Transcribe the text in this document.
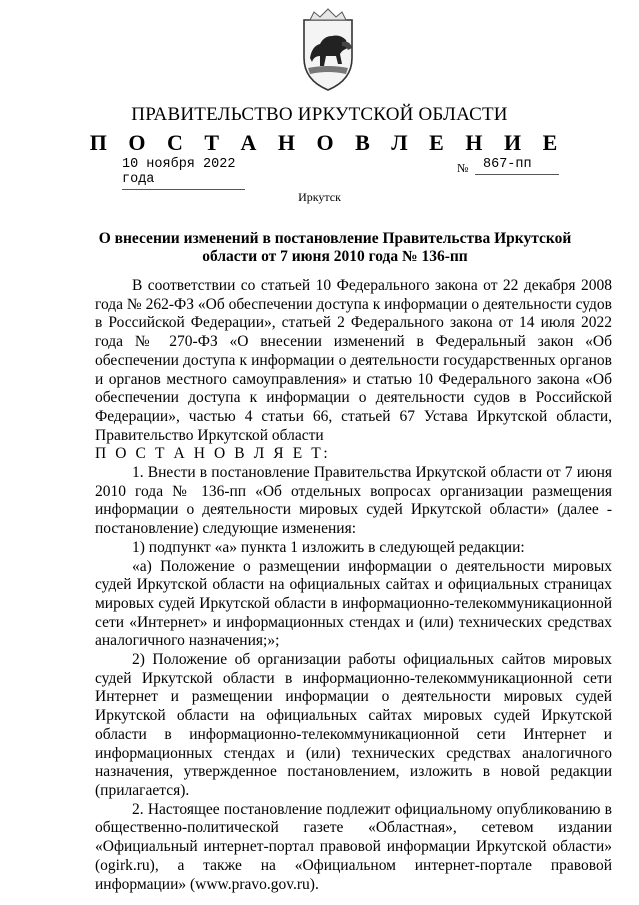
ПРАВИТЕЛЬСТВО ИРКУТСКОЙ ОБЛАСТИ
П О С Т А Н О В Л Е Н И Е
10 ноября 2022 года
№	867-пп
Иркутск
О внесении изменений в постановление Правительства Иркутской
области от 7 июня 2010 года № 136-пп

В соответствии со статьей 10 Федерального закона от 22 декабря 2008 года № 262-ФЗ «Об обеспечении доступа к информации о деятельности судов в Российской Федерации», статьей 2 Федерального закона от 14 июля 2022 года № 270-ФЗ «О внесении изменений в Федеральный закон «Об обеспечении доступа к информации о деятельности государственных органов и органов местного самоуправления» и статью 10 Федерального закона «Об обеспечении доступа к информации о деятельности судов в Российской Федерации», частью 4 статьи 66, статьей 67 Устава Иркутской области, Правительство Иркутской области

П О С Т А Н О В Л Я Е Т:

1. Внести в постановление Правительства Иркутской области от 7 июня 2010 года № 136-пп «Об отдельных вопросах организации размещения информации о деятельности мировых судей Иркутской области» (далее - постановление) следующие изменения:

1) подпункт «а» пункта 1 изложить в следующей редакции:

«а) Положение о размещении информации о деятельности мировых судей Иркутской области на официальных сайтах и официальных страницах мировых судей Иркутской области в информационно-телекоммуникационной сети «Интернет» и информационных стендах и (или) технических средствах аналогичного назначения;»;

2) Положение об организации работы официальных сайтов мировых судей Иркутской области в информационно-телекоммуникационной сети Интернет и размещении информации о деятельности мировых судей Иркутской области на официальных сайтах мировых судей Иркутской области в информационно-телекоммуникационной сети Интернет и информационных стендах и (или) технических средствах аналогичного назначения, утвержденное постановлением, изложить в новой редакции (прилагается).

2. Настоящее постановление подлежит официальному опубликованию в общественно-политической газете «Областная», сетевом издании «Официальный интернет-портал правовой информации Иркутской области» (ogirk.ru), а также на «Официальном интернет-портале правовой информации» (www.pravo.gov.ru).
